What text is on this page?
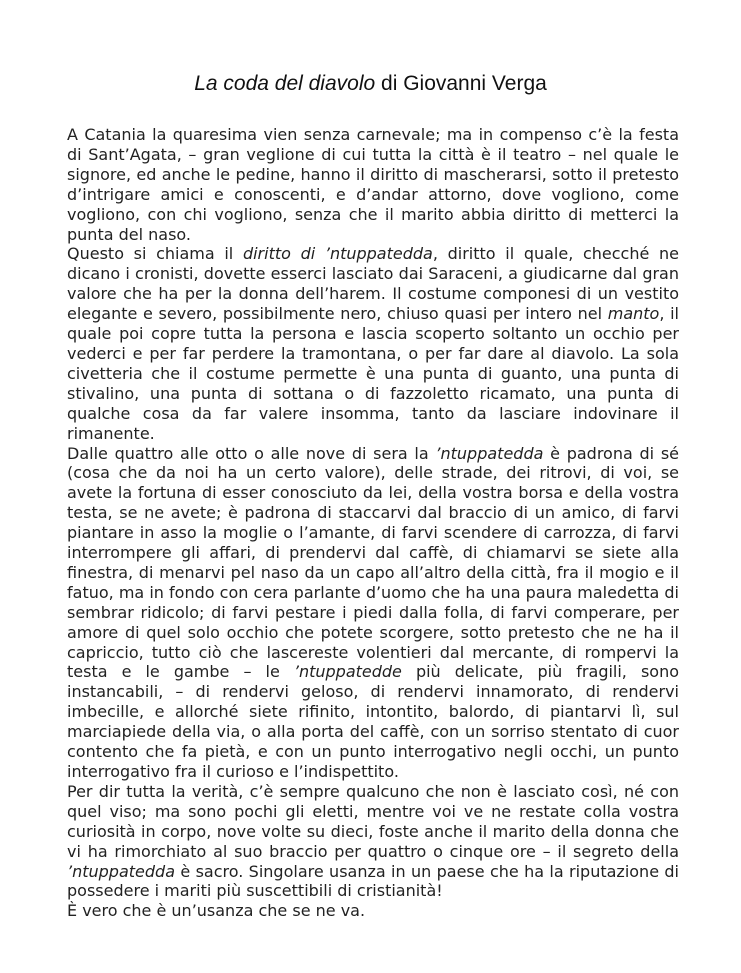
La coda del diavolo di Giovanni Verga

A Catania la quaresima vien senza carnevale; ma in compenso c’è la festa di Sant’Agata, – gran veglione di cui tutta la città è il teatro – nel quale le signore, ed anche le pedine, hanno il diritto di mascherarsi, sotto il pretesto d’intrigare amici e conoscenti, e d’andar attorno, dove vogliono, come vogliono, con chi vogliono, senza che il marito abbia diritto di metterci la punta del naso.

Questo si chiama il diritto di ’ntuppatedda, diritto il quale, checché ne dicano i cronisti, dovette esserci lasciato dai Saraceni, a giudicarne dal gran valore che ha per la donna dell’harem. Il costume componesi di un vestito elegante e severo, possibilmente nero, chiuso quasi per intero nel manto, il quale poi copre tutta la persona e lascia scoperto soltanto un occhio per vederci e per far perdere la tramontana, o per far dare al diavolo. La sola civetteria che il costume permette è una punta di guanto, una punta di stivalino, una punta di sottana o di fazzoletto ricamato, una punta di qualche cosa da far valere insomma, tanto da lasciare indovinare il rimanente.

Dalle quattro alle otto o alle nove di sera la ’ntuppatedda è padrona di sé (cosa che da noi ha un certo valore), delle strade, dei ritrovi, di voi, se avete la fortuna di esser conosciuto da lei, della vostra borsa e della vostra testa, se ne avete; è padrona di staccarvi dal braccio di un amico, di farvi piantare in asso la moglie o l’amante, di farvi scendere di carrozza, di farvi interrompere gli affari, di prendervi dal caffè, di chiamarvi se siete alla finestra, di menarvi pel naso da un capo all’altro della città, fra il mogio e il fatuo, ma in fondo con cera parlante d’uomo che ha una paura maledetta di sembrar ridicolo; di farvi pestare i piedi dalla folla, di farvi comperare, per amore di quel solo occhio che potete scorgere, sotto pretesto che ne ha il capriccio, tutto ciò che lascereste volentieri dal mercante, di rompervi la testa e le gambe – le ’ntuppatedde più delicate, più fragili, sono instancabili, – di rendervi geloso, di rendervi innamorato, di rendervi imbecille, e allorché siete rifinito, intontito, balordo, di piantarvi lì, sul marciapiede della via, o alla porta del caffè, con un sorriso stentato di cuor contento che fa pietà, e con un punto interrogativo negli occhi, un punto interrogativo fra il curioso e l’indispettito.

Per dir tutta la verità, c’è sempre qualcuno che non è lasciato così, né con quel viso; ma sono pochi gli eletti, mentre voi ve ne restate colla vostra curiosità in corpo, nove volte su dieci, foste anche il marito della donna che vi ha rimorchiato al suo braccio per quattro o cinque ore – il segreto della ’ntuppatedda è sacro. Singolare usanza in un paese che ha la riputazione di possedere i mariti più suscettibili di cristianità!

È vero che è un’usanza che se ne va.
